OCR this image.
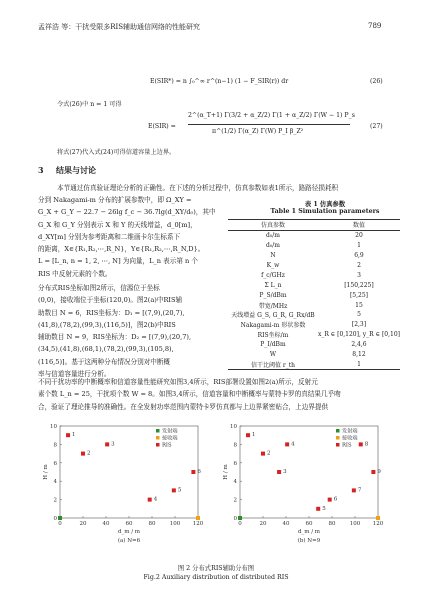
孟祥浩 等：干扰受限多RIS辅助通信网络的性能研究	789
E(SIR*) = n ∫₀^∞ r^(n−1) (1 − F_SIR(r)) dr	(26)
令式(26)中 n = 1 可得
E(SIR) =
2^(α_T+1) Γ(3/2 + α_Z/2) Γ(1 + α_Z/2) Γ(W − 1) P_s
π^(1/2) Γ(α_Z) Γ(W) P_I β_Z²
(27)
将式(27)代入式(24)可得信道容量上边界。
3 结果与讨论
本节通过仿真验证理论分析的正确性。在下述的分析过程中，仿真参数如表1所示，路路径损耗积
分到 Nakagami-m 分布的扩展参数中，即 Ω_XY =
G_X + G_Y − 22.7 − 26lg f_c − 36.7lg(d_XY/d₀)，其中
G_X 和 G_Y 分别表示 X 和 Y 的天线增益，d_0[m]，
d_XY[m] 分别为参考距离和二维画卡尔生标系下
的距离，X∈{R₁,R₂,⋯,R_N}，Y∈{R₁,R₂,⋯,R_N,D}。
L = [L_n, n = 1, 2, ⋯, N] 为向量，L_n 表示第 n 个
RIS 中反射元素的个数。
分布式RIS坐标如图2所示，信源位于坐标
(0,0)，接收端位于坐标(120,0)。图2(a)中RIS辅
助数目 N = 6，RIS坐标为：D₁ = [(7,9),(20,7),
(41,8),(78,2),(99,3),(116,5)]，图2(b)中RIS
辅助数目 N = 9，RIS坐标为：D₂ = [(7,9),(20,7),
(34,5),(41,8),(68,1),(78,2),(99,3),(105,8),
(116,5)]。基于这两种分布情况分别对中断概
率与信道容量进行分析。
表 1 仿真参数
Table 1 Simulation parameters
仿真参数	数值
d₀/m	20
d₀/m	1
N	6,9
K_w	2
f_c/GHz	3
Σ L_n	[150,225]
P_S/dBm	[5,25]
带宽/MHz	15
天线增益 G_S, G_R, G_Rx/dB	5
Nakagami-m 形状参数	[2,3]
RIS坐标/m	x_R ∈ [0,120], y_R ∈ [0,10]
P_I/dBm	2,4,6
W	8,12
信干比阈值 r_th	1
不同干扰功率的中断概率和信道容量性能研究如图3,4所示，RIS部署设置如图2(a)所示，反射元
素个数 L_n = 25，干扰项个数 W = 8。如图3,4所示，信道容量和中断概率与蒙特卡罗的真结果几乎吻
合，验证了理论推导的准确性。在全发射功率范围内蒙特卡罗仿真都与上边界紧密贴合，上边界提供
0	20	40	60	80	100 120
0
2
4
6
8
10
d_m / m
H / m
(a) N=6
1
2
3
4
5
6
发射端
接收端
RIS
0	20	40	60	80	100 120
0
2
4
6
8
10
d_m / m
H / m
(b) N=9
1
2
3
4
5
6
7
8
9
发射端
接收端
RIS
图 2 分布式RIS辅助分布图
Fig.2 Auxiliary distribution of distributed RIS
